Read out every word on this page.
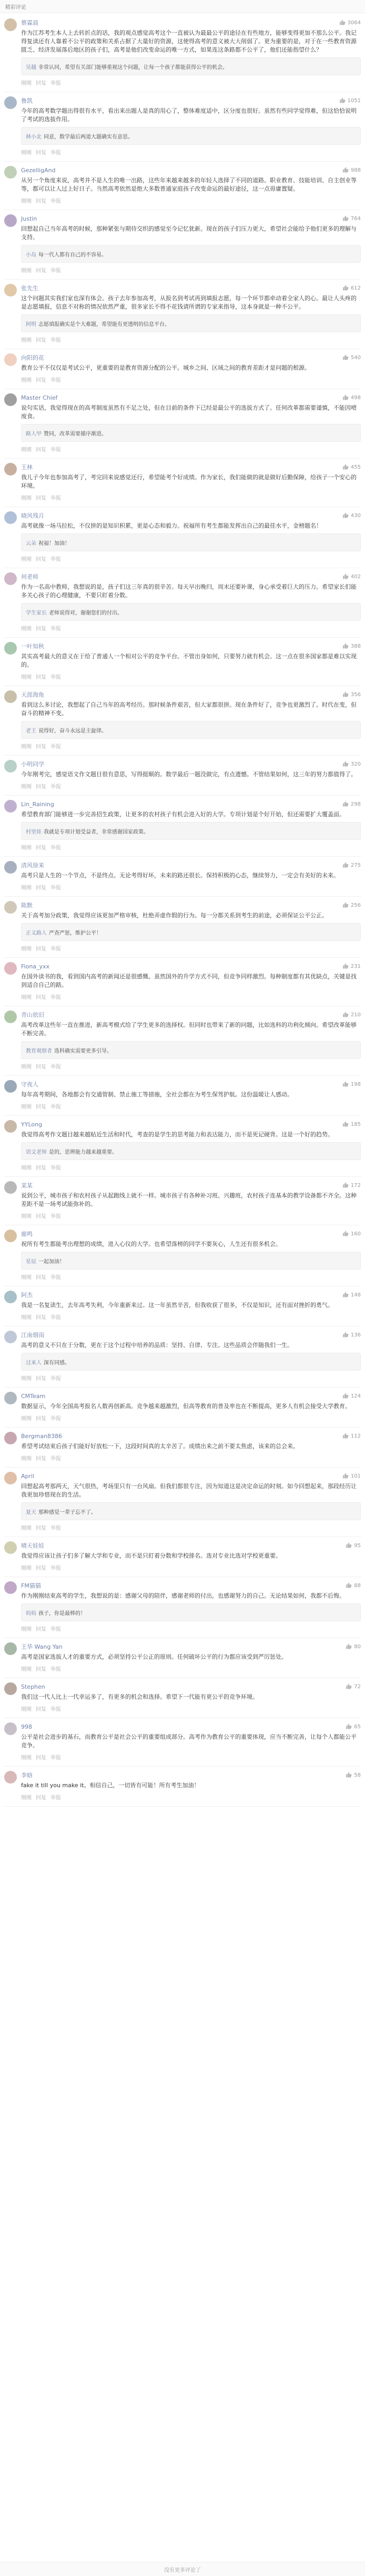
精彩评论
蔡霖晨	3064
作为江苏考生本人上去转折点的话，我的观点感觉高考这个一直被认为最最公平的途径在有些地方，能够变得更加不那么公平。我记得复读还有人靠着不公平的政策和关系占据了大量好的资源，这使得高考的意义被大大削弱了。更为重要的是，对于在一些教育资源匮乏、经济发展落后地区的孩子们，高考是他们改变命运的唯一方式，如果连这条路都不公平了，他们还能指望什么？
吴越 非常认同，希望有关部门能够重视这个问题，让每一个孩子都能获得公平的机会。
刚刚 回复 举报
鲁凯	1051
今年的高考数学题出得很有水平，看出来出题人是真的用心了，整体难度适中，区分度也很好。虽然有些同学觉得难，但这恰恰说明了考试的选拔作用。
林小北 同意，数学最后两道大题确实有意思。
刚刚 回复 举报
GezelligAnd	988
从另一个角度来说，高考并不是人生的唯一出路，这些年来越来越多的年轻人选择了不同的道路。职业教育、技能培训、自主创业等等，都可以让人过上好日子。当然高考依然是绝大多数普通家庭孩子改变命运的最好途径，这一点毋庸置疑。
刚刚 回复 举报
Justin	764
回想起自己当年高考的时候，那种紧张与期待交织的感觉至今记忆犹新。现在的孩子们压力更大，希望社会能给予他们更多的理解与支持。
小岛 每一代人都有自己的不容易。
刚刚 回复 举报
张先生	612
这个问题其实我们家也深有体会。孩子去年参加高考，从报名到考试再到填报志愿，每一个环节都牵动着全家人的心。最让人头疼的是志愿填报，信息不对称的情况依然严重，很多家长不得不花钱请所谓的专家来指导，这本身就是一种不公平。
阿明 志愿填报确实是个大难题，希望能有更透明的信息平台。
刚刚 回复 举报
向阳的花	540
教育公平不仅仅是考试公平，更重要的是教育资源分配的公平。城乡之间、区域之间的教育差距才是问题的根源。
刚刚 回复 举报
Master Chief	498
说句实话，我觉得现在的高考制度虽然有不足之处，但在目前的条件下已经是最公平的选拔方式了。任何改革都需要谨慎，不能因噎废食。
路人甲 赞同，改革需要循序渐进。
刚刚 回复 举报
王林	455
我儿子今年也参加高考了，考完回来说感觉还行，希望能考个好成绩。作为家长，我们能做的就是做好后勤保障，给孩子一个安心的环境。
刚刚 回复 举报
晓风残月	430
高考就像一场马拉松，不仅拼的是知识积累，更是心态和毅力。祝福所有考生都能发挥出自己的最佳水平，金榜题名！
云朵 祝福！加油！
刚刚 回复 举报
何老师	402
作为一名高中教师，我想说的是，孩子们这三年真的很辛苦。每天早出晚归，周末还要补课，身心承受着巨大的压力。希望家长们能多关心孩子的心理健康，不要只盯着分数。
学生家长 老师说得对，谢谢您们的付出。
刚刚 回复 举报
一叶知秋	388
其实高考最大的意义在于给了普通人一个相对公平的竞争平台。不管出身如何，只要努力就有机会。这一点在很多国家都是难以实现的。
刚刚 回复 举报
天涯海角	356
看到这么多讨论，我想起了自己当年的高考经历。那时候条件艰苦，但大家都很拼。现在条件好了，竞争也更激烈了。时代在变，但奋斗的精神不变。
老王 说得好，奋斗永远是主旋律。
刚刚 回复 举报
小明同学	320
今年刚考完，感觉语文作文题目很有意思，写得挺顺的。数学最后一题没做完，有点遗憾。不管结果如何，这三年的努力都值得了。
刚刚 回复 举报
Lin_Raining	298
希望教育部门能够进一步完善招生政策，让更多的农村孩子有机会进入好的大学。专项计划是个好开始，但还需要扩大覆盖面。
村里娃 我就是专项计划受益者，非常感谢国家政策。
刚刚 回复 举报
清风徐来	275
高考只是人生的一个节点，不是终点。无论考得好坏，未来的路还很长。保持积极的心态，继续努力，一定会有美好的未来。
刚刚 回复 举报
陈默	256
关于高考加分政策，我觉得应该更加严格审核，杜绝弄虚作假的行为。每一分都关系到考生的前途，必须保证公平公正。
正义路人 严查严惩，维护公平！
刚刚 回复 举报
Fiona_yxx	231
在国外读书的我，看到国内高考的新闻还是很感慨。虽然国外的升学方式不同，但竞争同样激烈。每种制度都有其优缺点，关键是找到适合自己的路。
刚刚 回复 举报
青山依旧	210
高考改革这些年一直在推进，新高考模式给了学生更多的选择权。但同时也带来了新的问题，比如选科的功利化倾向。希望改革能够不断完善。
教育观察者 选科确实需要更多引导。
刚刚 回复 举报
守夜人	198
每年高考期间，各地都会有交通管制、禁止施工等措施，全社会都在为考生保驾护航。这份温暖让人感动。
刚刚 回复 举报
YYLong	185
我觉得高考作文题目越来越贴近生活和时代，考查的是学生的思考能力和表达能力，而不是死记硬背。这是一个好的趋势。
语文老师 是的，思辨能力越来越重要。
刚刚 回复 举报
某某	172
说到公平，城市孩子和农村孩子从起跑线上就不一样。城市孩子有各种补习班、兴趣班，农村孩子连基本的教学设备都不齐全。这种差距不是一场考试能弥补的。
刚刚 回复 举报
鹿鸣	160
祝所有考生都能考出理想的成绩，进入心仪的大学。也希望落榜的同学不要灰心，人生还有很多机会。
星辰 一起加油！
刚刚 回复 举报
阿杰	148
我是一名复读生，去年高考失利，今年重新来过。这一年虽然辛苦，但我收获了很多，不仅是知识，还有面对挫折的勇气。
刚刚 回复 举报
江南烟雨	136
高考的意义不只在于分数，更在于这个过程中培养的品质：坚持、自律、专注。这些品质会伴随我们一生。
过来人 深有同感。
刚刚 回复 举报
CMTeam	124
数据显示，今年全国高考报名人数再创新高。竞争越来越激烈，但高等教育的普及率也在不断提高，更多人有机会接受大学教育。
刚刚 回复 举报
Bergman8386	112
希望考试结束后孩子们能好好放松一下，这段时间真的太辛苦了。成绩出来之前不要太焦虑，该来的总会来。
刚刚 回复 举报
April	101
回想起高考那两天，天气很热，考场里只有一台风扇。但我们都很专注，因为知道这是决定命运的时刻。如今回想起来，那段经历让我更加珍惜现在的生活。
夏天 那种感觉一辈子忘不了。
刚刚 回复 举报
晴天娃娃	95
我觉得应该让孩子们多了解大学和专业，而不是只盯着分数和学校排名。选对专业比选对学校更重要。
刚刚 回复 举报
FM猫猫	88
作为刚刚结束高考的学生，我想说的是：感谢父母的陪伴，感谢老师的付出，也感谢努力的自己。无论结果如何，我都不后悔。
妈妈 孩子，你是最棒的！
刚刚 回复 举报
王华 Wang Yan	80
高考是国家选拔人才的重要方式，必须坚持公平公正的原则。任何破坏公平的行为都应该受到严厉惩处。
刚刚 回复 举报
Stephen	72
我们这一代人比上一代幸运多了，有更多的机会和选择。希望下一代能有更公平的竞争环境。
刚刚 回复 举报
998	65
公平是社会进步的基石，而教育公平是社会公平的重要组成部分。高考作为教育公平的重要体现，应当不断完善，让每个人都能公平竞争。
刚刚 回复 举报
李晗	58
fake it till you make it。相信自己，一切皆有可能！所有考生加油！
刚刚 回复 举报
没有更多评论了
